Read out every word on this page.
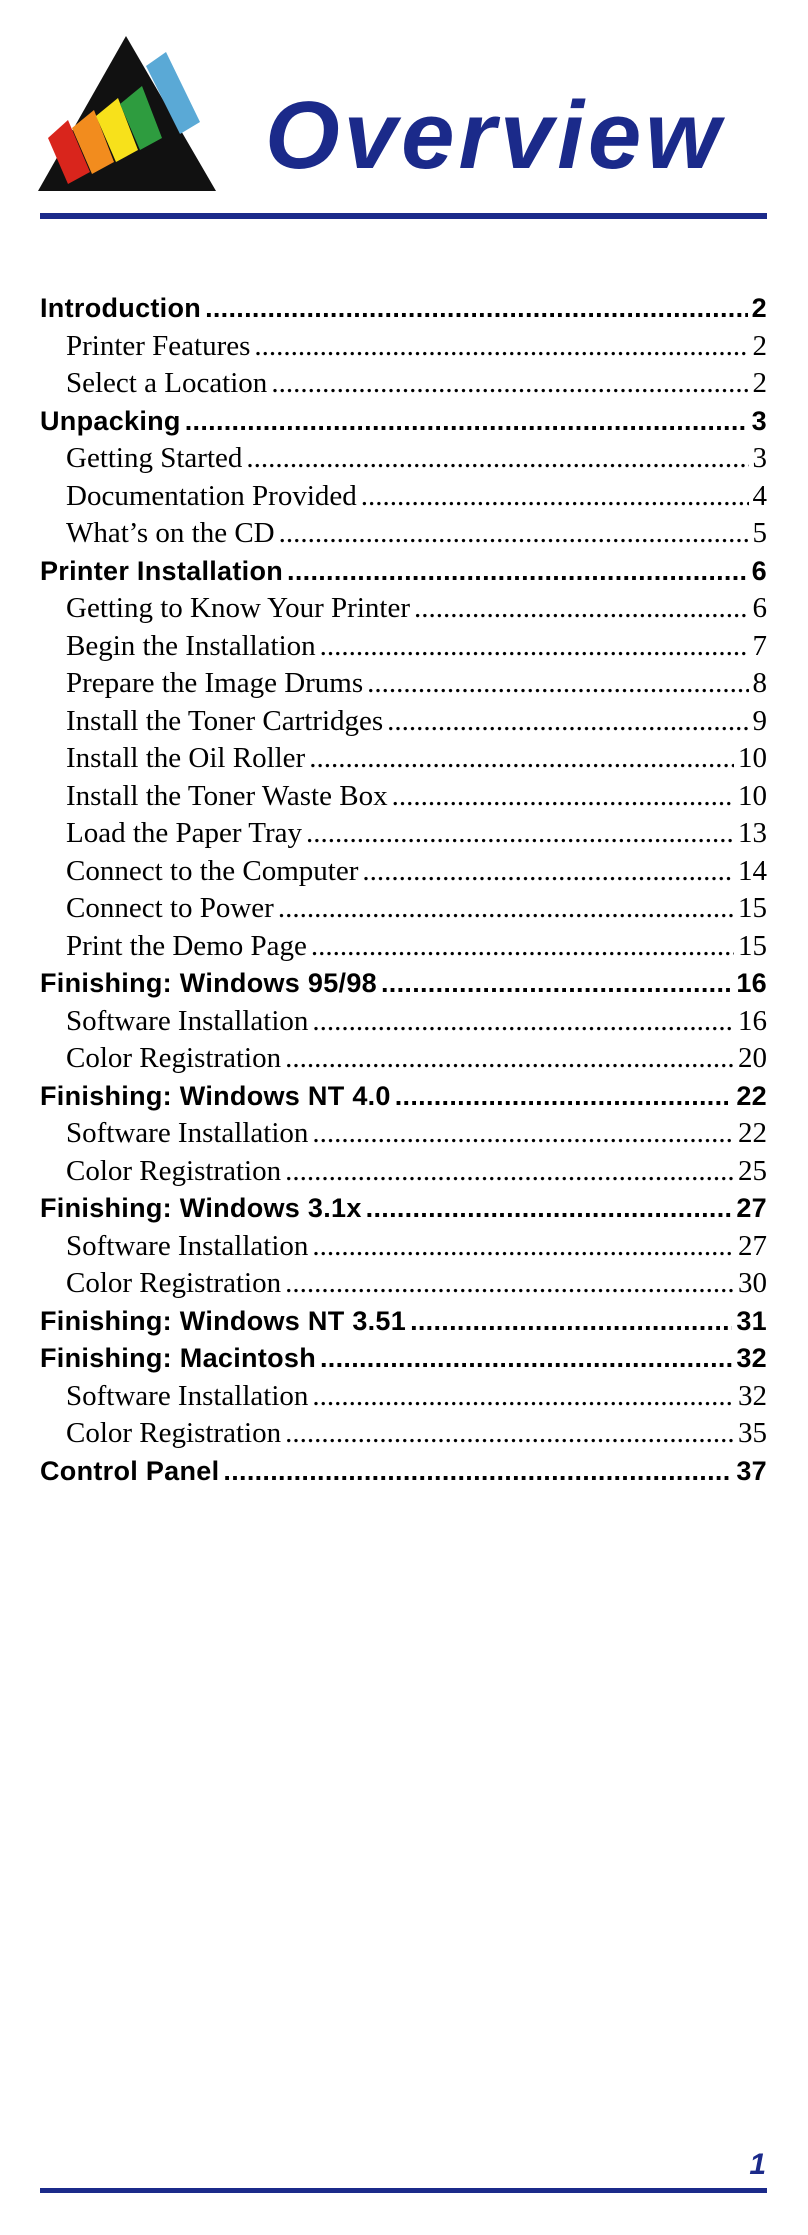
Overview
Introduction .....	2
Printer Features .....	2
Select a Location .....	2
Unpacking .....	3
Getting Started .....	3
Documentation Provided .....	4
What’s on the CD .....	5
Printer Installation .....	6
Getting to Know Your Printer .....	6
Begin the Installation .....	7
Prepare the Image Drums .....	8
Install the Toner Cartridges .....	9
Install the Oil Roller .....	10
Install the Toner Waste Box .....	10
Load the Paper Tray .....	13
Connect to the Computer .....	14
Connect to Power .....	15
Print the Demo Page .....	15
Finishing: Windows 95/98 .....	16
Software Installation .....	16
Color Registration .....	20
Finishing: Windows NT 4.0 .....	22
Software Installation .....	22
Color Registration .....	25
Finishing: Windows 3.1x .....	27
Software Installation .....	27
Color Registration .....	30
Finishing: Windows NT 3.51 .....	31
Finishing: Macintosh .....	32
Software Installation .....	32
Color Registration .....	35
Control Panel .....	37

1
